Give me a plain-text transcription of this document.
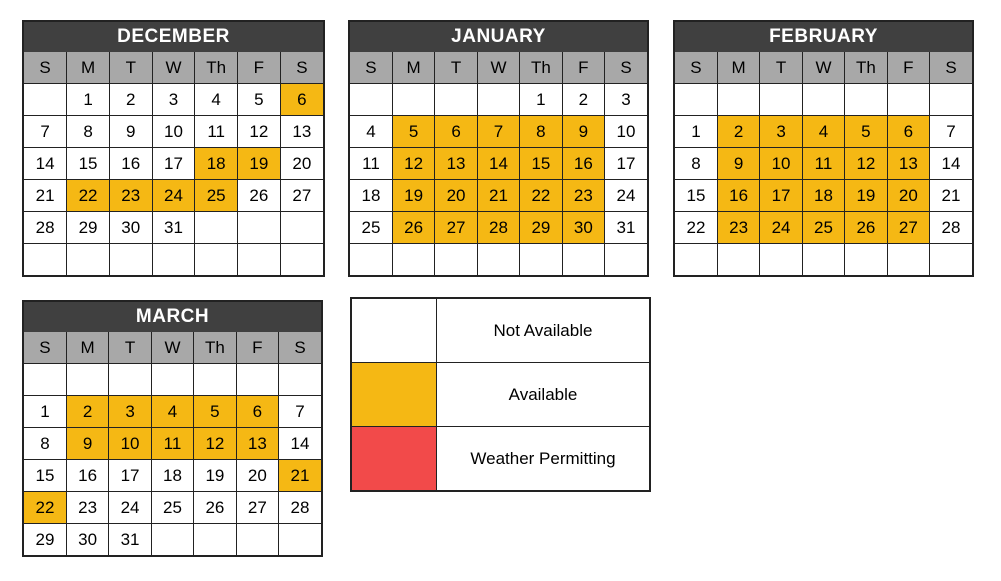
DECEMBER
S	M	T	W	Th	F	S
	1	2	3	4	5	6
7	8	9	10	11	12	13
14	15	16	17	18	19	20
21	22	23	24	25	26	27
28	29	30	31			

JANUARY
S	M	T	W	Th	F	S
				1	2	3
4	5	6	7	8	9	10
11	12	13	14	15	16	17
18	19	20	21	22	23	24
25	26	27	28	29	30	31

FEBRUARY
S	M	T	W	Th	F	S

1	2	3	4	5	6	7
8	9	10	11	12	13	14
15	16	17	18	19	20	21
22	23	24	25	26	27	28

MARCH
S	M	T	W	Th	F	S

1	2	3	4	5	6	7
8	9	10	11	12	13	14
15	16	17	18	19	20	21
22	23	24	25	26	27	28
29	30	31				
Not Available
Available
Weather Permitting
